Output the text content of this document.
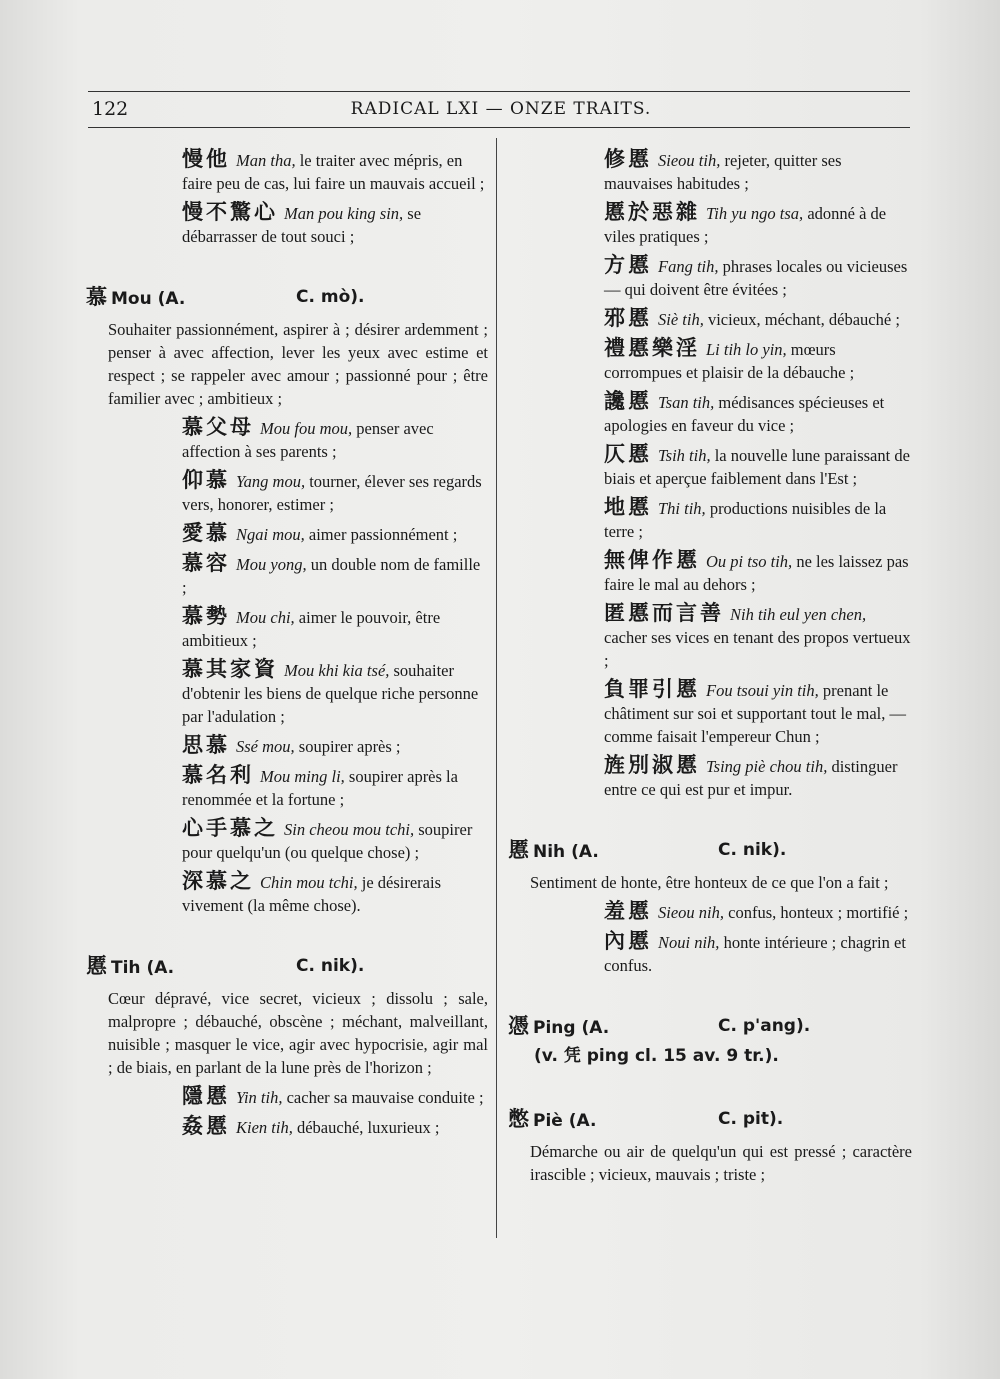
122	RADICAL LXI — ONZE TRAITS.

慢他 Man tha, le traiter avec mépris, en faire peu de cas, lui faire un mauvais accueil ;

慢不驚心 Man pou king sin, se débarrasser de tout souci ;

慕 Mou (A.	C. mò).
Souhaiter passionnément, aspirer à ; désirer ardemment ; penser à avec affection, lever les yeux avec estime et respect ; se rappeler avec amour ; passionné pour ; être familier avec ; ambitieux ;

慕父母 Mou fou mou, penser avec affection à ses parents ;

仰慕 Yang mou, tourner, élever ses regards vers, honorer, estimer ;

愛慕 Ngai mou, aimer passionnément ;

慕容 Mou yong, un double nom de famille ;

慕勢 Mou chi, aimer le pouvoir, être ambitieux ;

慕其家資 Mou khi kia tsé, souhaiter d'obtenir les biens de quelque riche personne par l'adulation ;

思慕 Ssé mou, soupirer après ;

慕名利 Mou ming li, soupirer après la renommée et la fortune ;

心手慕之 Sin cheou mou tchi, soupirer pour quelqu'un (ou quelque chose) ;

深慕之 Chin mou tchi, je désirerais vivement (la même chose).

慝 Tih (A.	C. nik).
Cœur dépravé, vice secret, vicieux ; dissolu ; sale, malpropre ; débauché, obscène ; méchant, malveillant, nuisible ; masquer le vice, agir avec hypocrisie, agir mal ; de biais, en parlant de la lune près de l'horizon ;

隱慝 Yin tih, cacher sa mauvaise conduite ;

姦慝 Kien tih, débauché, luxurieux ;

修慝 Sieou tih, rejeter, quitter ses mauvaises habitudes ;

慝於惡雜 Tih yu ngo tsa, adonné à de viles pratiques ;

方慝 Fang tih, phrases locales ou vicieuses — qui doivent être évitées ;

邪慝 Siè tih, vicieux, méchant, débauché ;

禮慝樂淫 Li tih lo yin, mœurs corrompues et plaisir de la débauche ;

讒慝 Tsan tih, médisances spécieuses et apologies en faveur du vice ;

仄慝 Tsih tih, la nouvelle lune paraissant de biais et aperçue faiblement dans l'Est ;

地慝 Thi tih, productions nuisibles de la terre ;

無俾作慝 Ou pi tso tih, ne les laissez pas faire le mal au dehors ;

匿慝而言善 Nih tih eul yen chen, cacher ses vices en tenant des propos vertueux ;

負罪引慝 Fou tsoui yin tih, prenant le châtiment sur soi et supportant tout le mal, — comme faisait l'empereur Chun ;

旌別淑慝 Tsing piè chou tih, distinguer entre ce qui est pur et impur.

慝 Nih (A.	C. nik).
Sentiment de honte, être honteux de ce que l'on a fait ;

羞慝 Sieou nih, confus, honteux ; mortifié ;

內慝 Noui nih, honte intérieure ; chagrin et confus.

憑 Ping (A.	C. p'ang).
(v. 凭 ping cl. 15 av. 9 tr.).
憋 Piè (A.	C. pit).
Démarche ou air de quelqu'un qui est pressé ; caractère irascible ; vicieux, mauvais ; triste ;
